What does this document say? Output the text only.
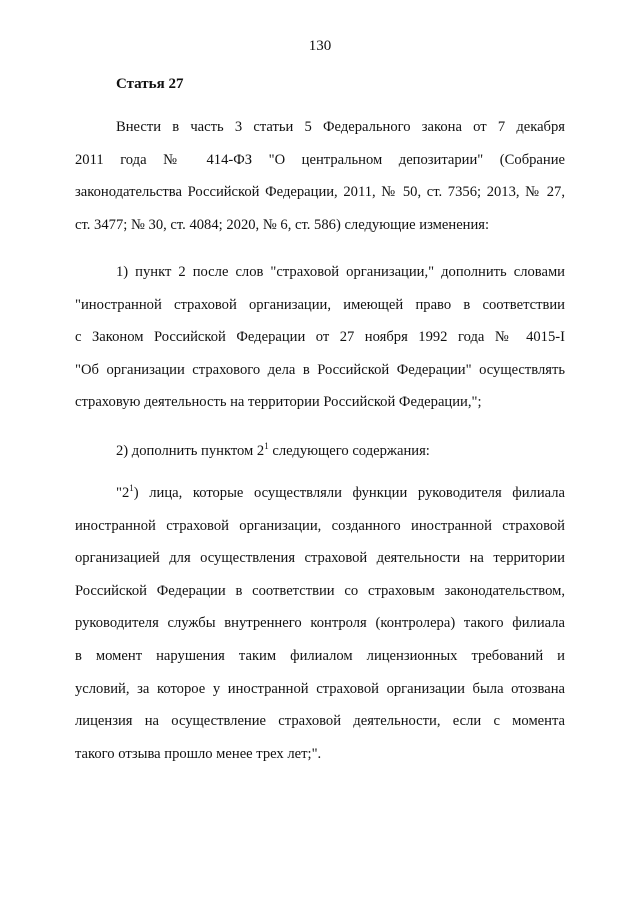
130
Статья 27
Внести в часть 3 статьи 5 Федерального закона от 7 декабря
2011 года № 414-ФЗ "О центральном депозитарии" (Собрание
законодательства Российской Федерации, 2011, № 50, ст. 7356; 2013, № 27,
ст. 3477; № 30, ст. 4084; 2020, № 6, ст. 586) следующие изменения:
1) пункт 2 после слов "страховой организации," дополнить словами
"иностранной страховой организации, имеющей право в соответствии
с Законом Российской Федерации от 27 ноября 1992 года № 4015-I
"Об организации страхового дела в Российской Федерации" осуществлять
страховую деятельность на территории Российской Федерации,";
2) дополнить пунктом $2^1$ следующего содержания:
"$2^1$) лица, которые осуществляли функции руководителя филиала
иностранной страховой организации, созданного иностранной страховой
организацией для осуществления страховой деятельности на территории
Российской Федерации в соответствии со страховым законодательством,
руководителя службы внутреннего контроля (контролера) такого филиала
в момент нарушения таким филиалом лицензионных требований и
условий, за которое у иностранной страховой организации была отозвана
лицензия на осуществление страховой деятельности, если с момента
такого отзыва прошло менее трех лет;".
